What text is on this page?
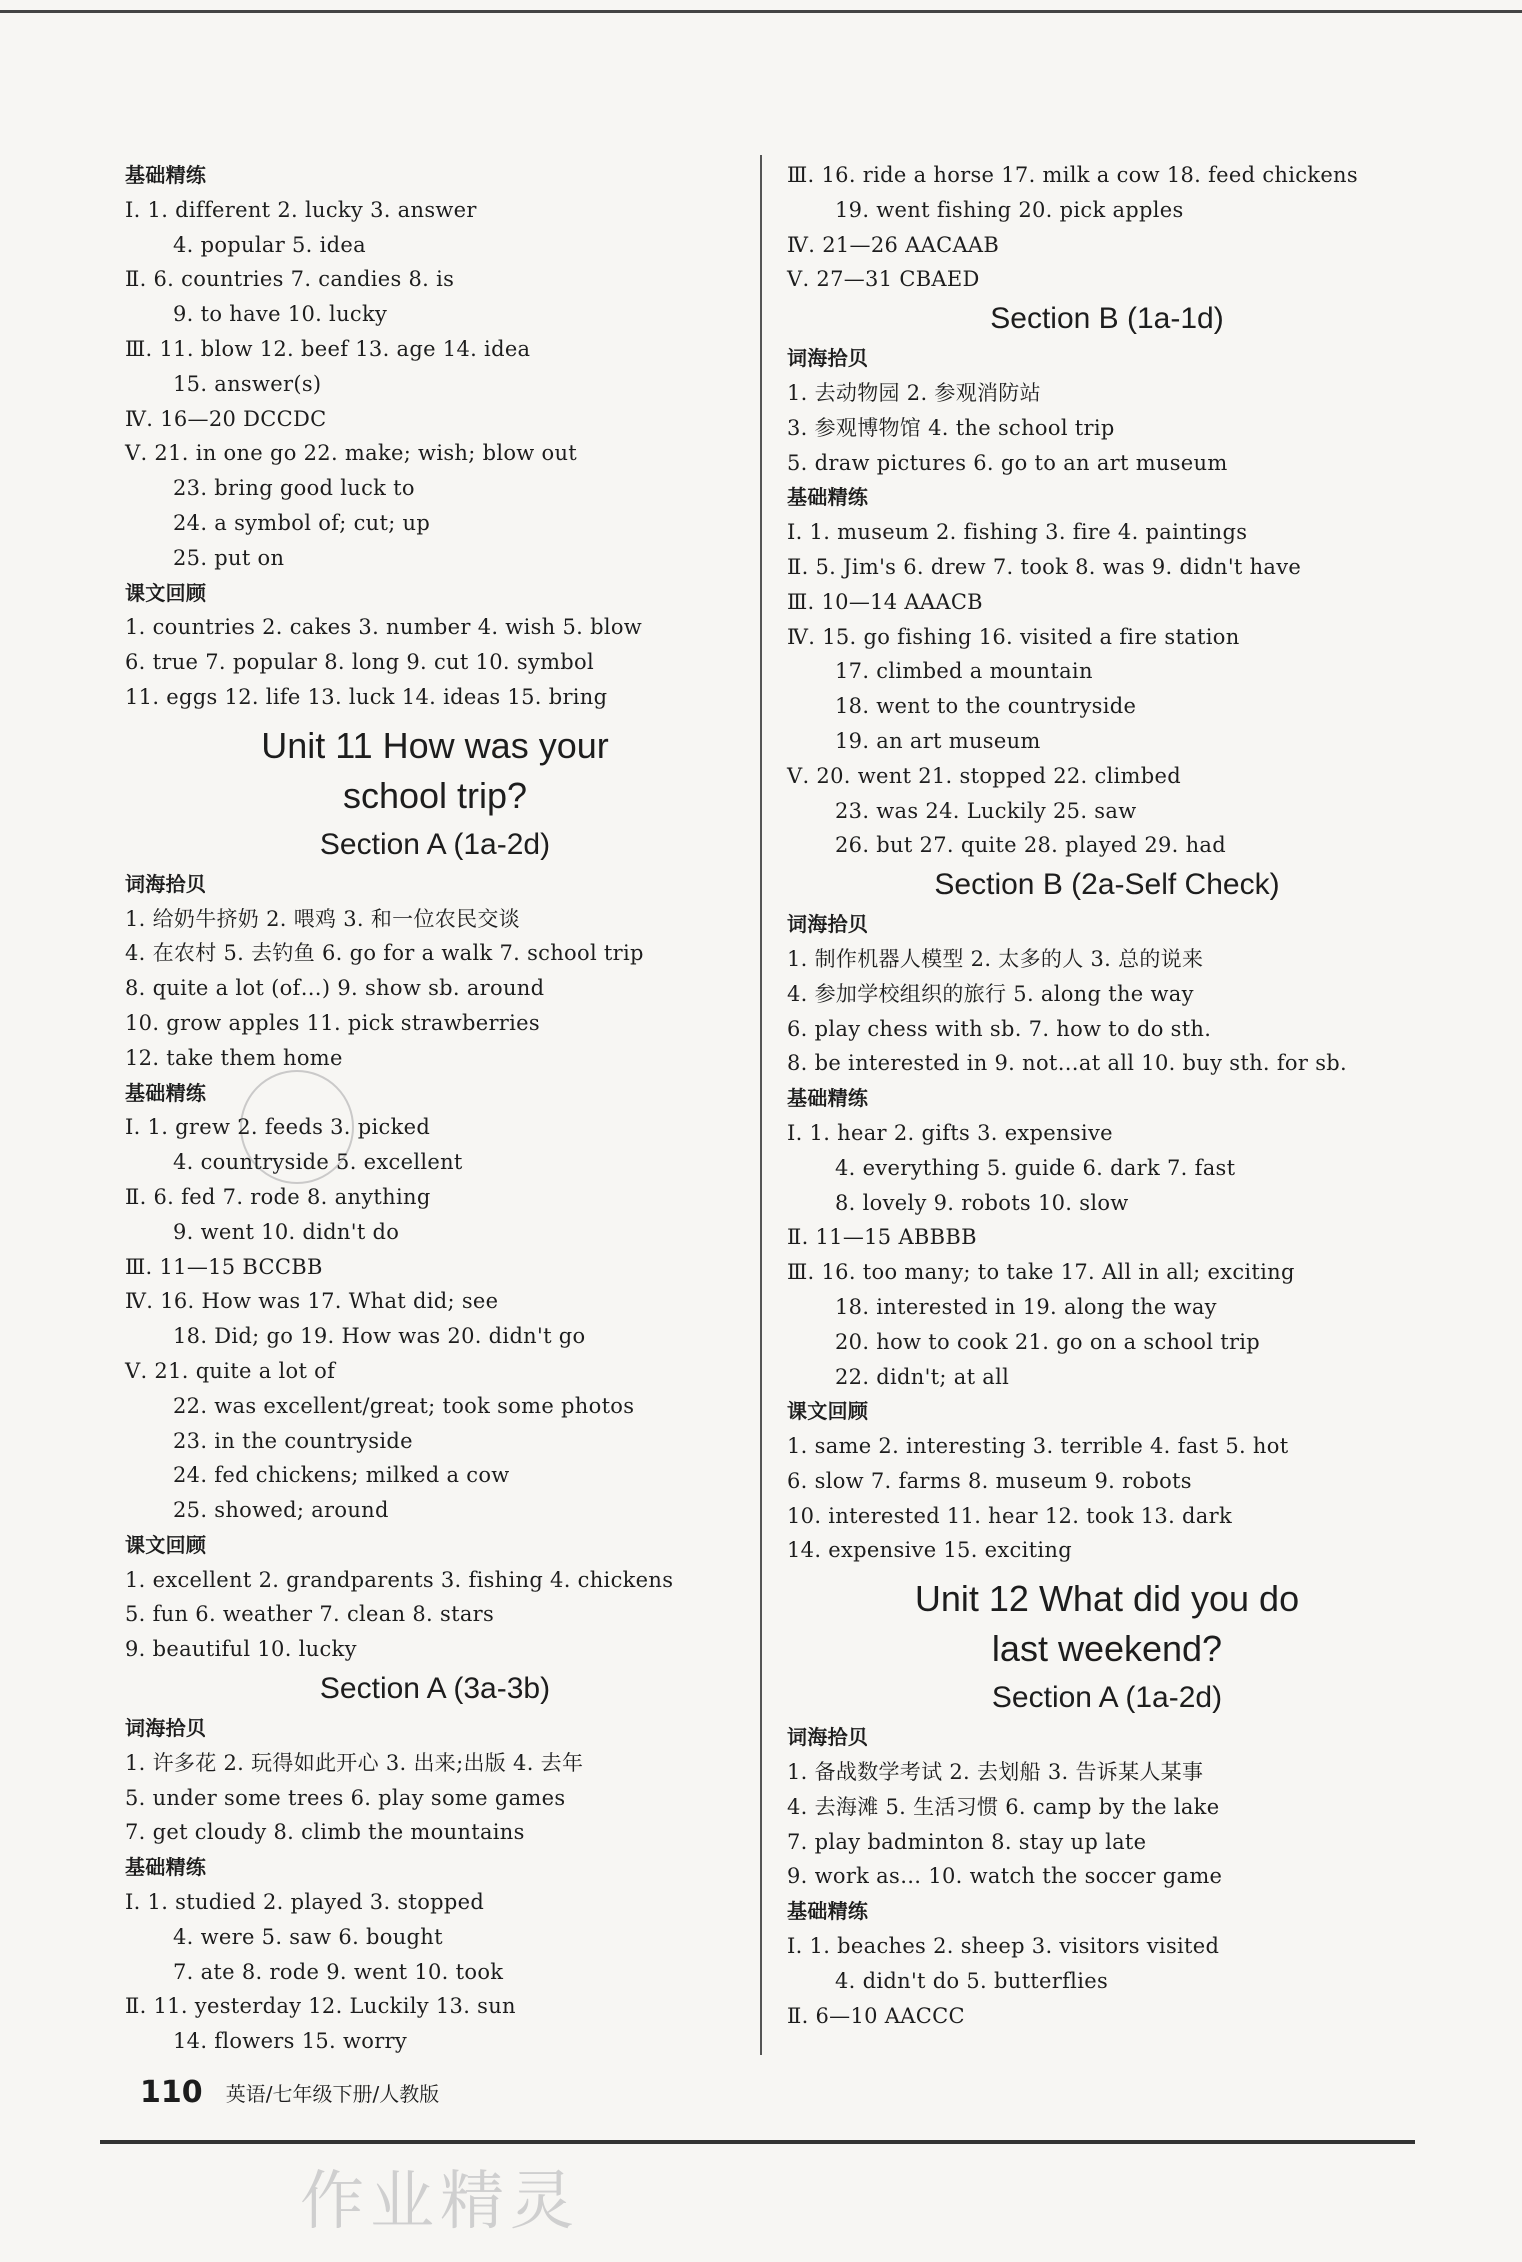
基础精练
Ⅰ. 1. different 2. lucky 3. answer
4. popular 5. idea
Ⅱ. 6. countries 7. candies 8. is
9. to have 10. lucky
Ⅲ. 11. blow 12. beef 13. age 14. idea
15. answer(s)
Ⅳ. 16—20 DCCDC
Ⅴ. 21. in one go 22. make; wish; blow out
23. bring good luck to
24. a symbol of; cut; up
25. put on
课文回顾
1. countries 2. cakes 3. number 4. wish 5. blow
6. true 7. popular 8. long 9. cut 10. symbol
11. eggs 12. life 13. luck 14. ideas 15. bring
Unit 11 How was your
school trip?
Section A (1a-2d)
词海拾贝
1. 给奶牛挤奶 2. 喂鸡 3. 和一位农民交谈
4. 在农村 5. 去钓鱼 6. go for a walk 7. school trip
8. quite a lot (of…) 9. show sb. around
10. grow apples 11. pick strawberries
12. take them home
基础精练
Ⅰ. 1. grew 2. feeds 3. picked
4. countryside 5. excellent
Ⅱ. 6. fed 7. rode 8. anything
9. went 10. didn't do
Ⅲ. 11—15 BCCBB
Ⅳ. 16. How was 17. What did; see
18. Did; go 19. How was 20. didn't go
Ⅴ. 21. quite a lot of
22. was excellent/great; took some photos
23. in the countryside
24. fed chickens; milked a cow
25. showed; around
课文回顾
1. excellent 2. grandparents 3. fishing 4. chickens
5. fun 6. weather 7. clean 8. stars
9. beautiful 10. lucky
Section A (3a-3b)
词海拾贝
1. 许多花 2. 玩得如此开心 3. 出来;出版 4. 去年
5. under some trees 6. play some games
7. get cloudy 8. climb the mountains
基础精练
Ⅰ. 1. studied 2. played 3. stopped
4. were 5. saw 6. bought
7. ate 8. rode 9. went 10. took
Ⅱ. 11. yesterday 12. Luckily 13. sun
14. flowers 15. worry
Ⅲ. 16. ride a horse 17. milk a cow 18. feed chickens
19. went fishing 20. pick apples
Ⅳ. 21—26 AACAAB
Ⅴ. 27—31 CBAED
Section B (1a-1d)
词海拾贝
1. 去动物园 2. 参观消防站
3. 参观博物馆 4. the school trip
5. draw pictures 6. go to an art museum
基础精练
Ⅰ. 1. museum 2. fishing 3. fire 4. paintings
Ⅱ. 5. Jim's 6. drew 7. took 8. was 9. didn't have
Ⅲ. 10—14 AAACB
Ⅳ. 15. go fishing 16. visited a fire station
17. climbed a mountain
18. went to the countryside
19. an art museum
Ⅴ. 20. went 21. stopped 22. climbed
23. was 24. Luckily 25. saw
26. but 27. quite 28. played 29. had
Section B (2a-Self Check)
词海拾贝
1. 制作机器人模型 2. 太多的人 3. 总的说来
4. 参加学校组织的旅行 5. along the way
6. play chess with sb. 7. how to do sth.
8. be interested in 9. not…at all 10. buy sth. for sb.
基础精练
Ⅰ. 1. hear 2. gifts 3. expensive
4. everything 5. guide 6. dark 7. fast
8. lovely 9. robots 10. slow
Ⅱ. 11—15 ABBBB
Ⅲ. 16. too many; to take 17. All in all; exciting
18. interested in 19. along the way
20. how to cook 21. go on a school trip
22. didn't; at all
课文回顾
1. same 2. interesting 3. terrible 4. fast 5. hot
6. slow 7. farms 8. museum 9. robots
10. interested 11. hear 12. took 13. dark
14. expensive 15. exciting
Unit 12 What did you do
last weekend?
Section A (1a-2d)
词海拾贝
1. 备战数学考试 2. 去划船 3. 告诉某人某事
4. 去海滩 5. 生活习惯 6. camp by the lake
7. play badminton 8. stay up late
9. work as… 10. watch the soccer game
基础精练
Ⅰ. 1. beaches 2. sheep 3. visitors visited
4. didn't do 5. butterflies
Ⅱ. 6—10 AACCC
110 英语/七年级下册/人教版
作业精灵
